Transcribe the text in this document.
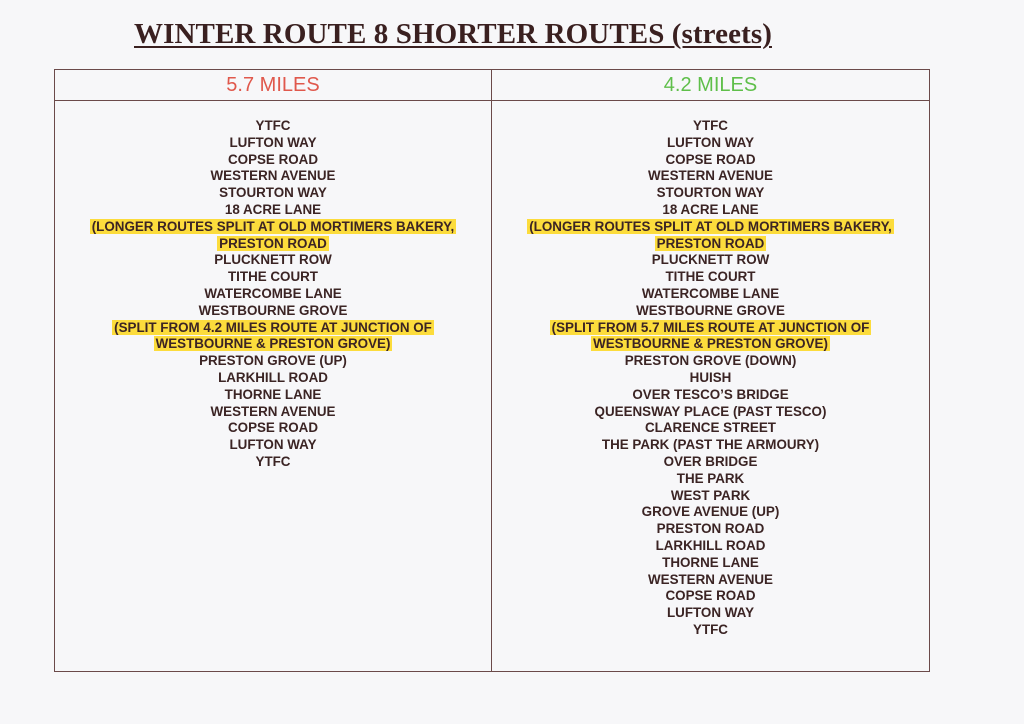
WINTER ROUTE 8 SHORTER ROUTES (streets)
5.7 MILES
YTFC
LUFTON WAY
COPSE ROAD
WESTERN AVENUE
STOURTON WAY
18 ACRE LANE
(LONGER ROUTES SPLIT AT OLD MORTIMERS BAKERY,
PRESTON ROAD
PLUCKNETT ROW
TITHE COURT
WATERCOMBE LANE
WESTBOURNE GROVE
(SPLIT FROM 4.2 MILES ROUTE AT JUNCTION OF
WESTBOURNE & PRESTON GROVE)
PRESTON GROVE (UP)
LARKHILL ROAD
THORNE LANE
WESTERN AVENUE
COPSE ROAD
LUFTON WAY
YTFC
4.2 MILES
YTFC
LUFTON WAY
COPSE ROAD
WESTERN AVENUE
STOURTON WAY
18 ACRE LANE
(LONGER ROUTES SPLIT AT OLD MORTIMERS BAKERY,
PRESTON ROAD
PLUCKNETT ROW
TITHE COURT
WATERCOMBE LANE
WESTBOURNE GROVE
(SPLIT FROM 5.7 MILES ROUTE AT JUNCTION OF
WESTBOURNE & PRESTON GROVE)
PRESTON GROVE (DOWN)
HUISH
OVER TESCO’S BRIDGE
QUEENSWAY PLACE (PAST TESCO)
CLARENCE STREET
THE PARK (PAST THE ARMOURY)
OVER BRIDGE
THE PARK
WEST PARK
GROVE AVENUE (UP)
PRESTON ROAD
LARKHILL ROAD
THORNE LANE
WESTERN AVENUE
COPSE ROAD
LUFTON WAY
YTFC
